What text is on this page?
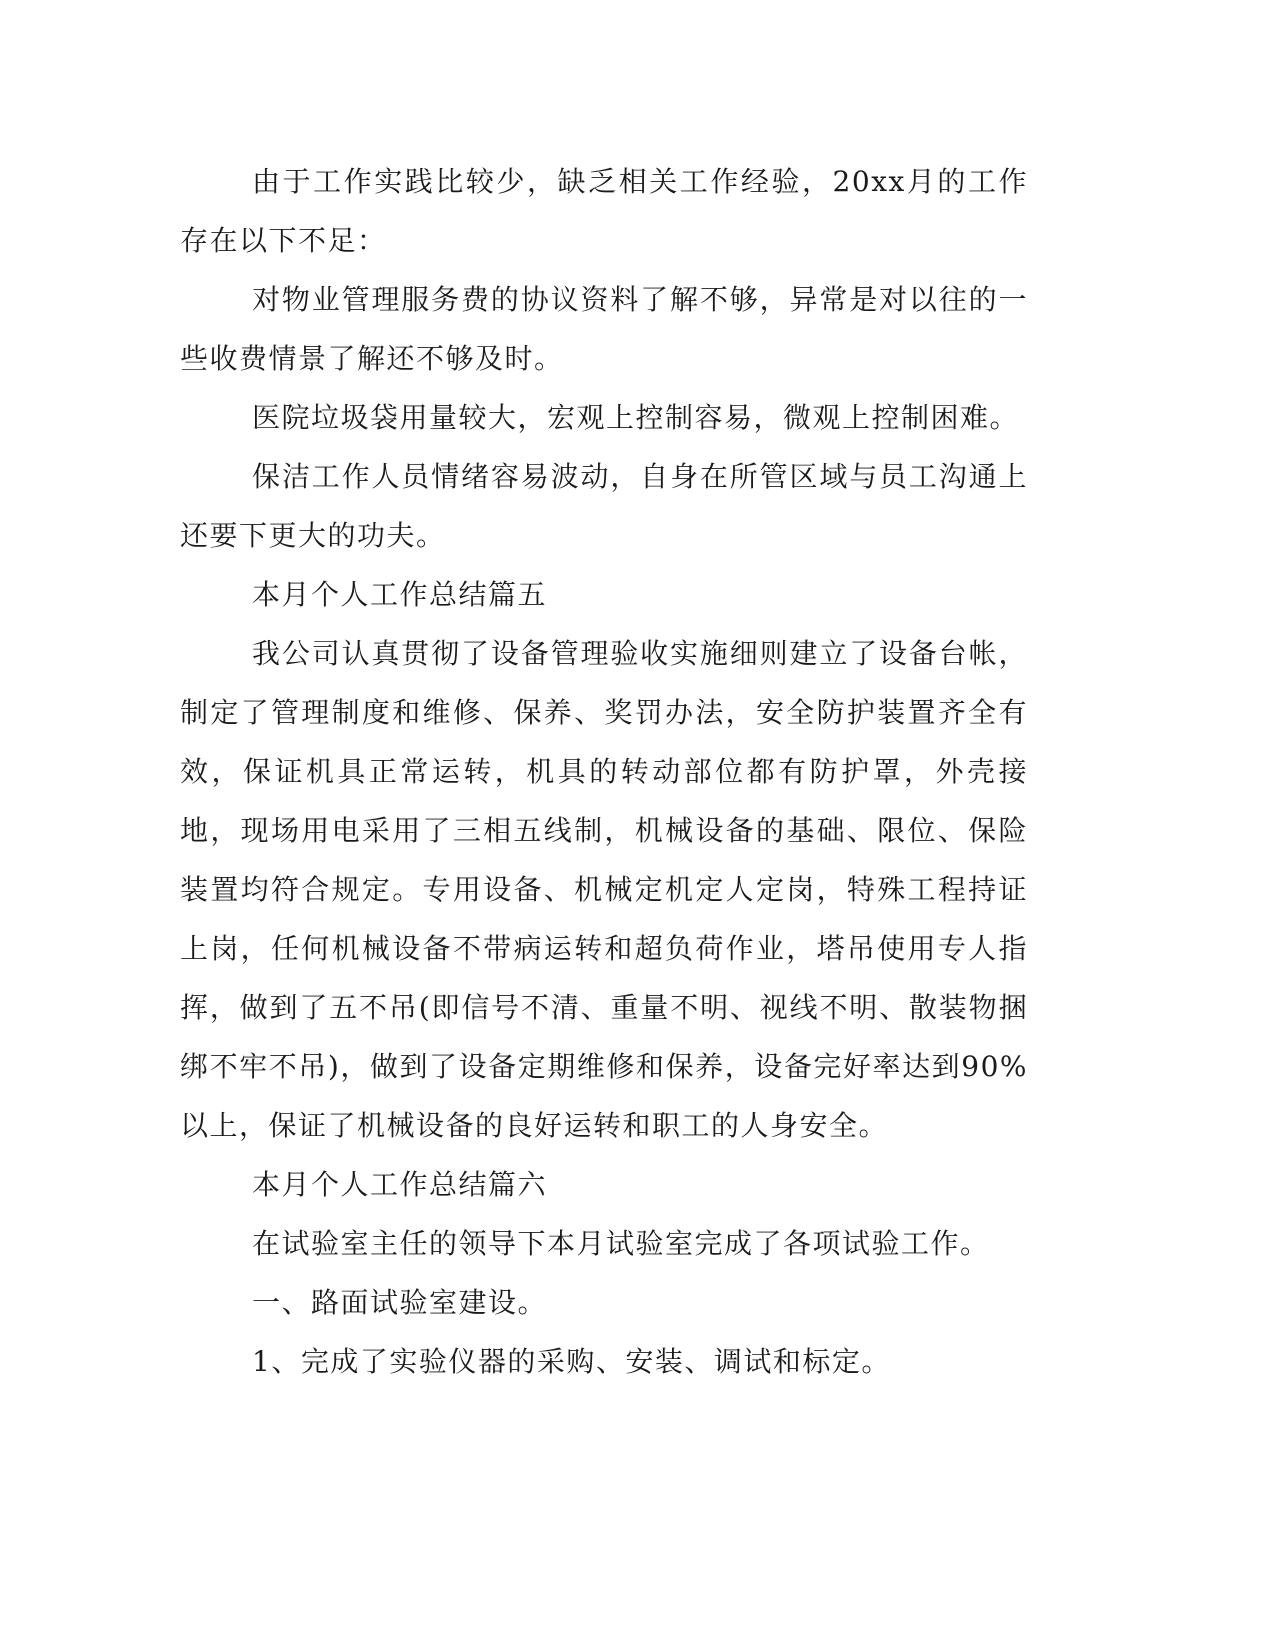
由于工作实践比较少，缺乏相关工作经验，20xx月的工作存在以下不足：

对物业管理服务费的协议资料了解不够，异常是对以往的一些收费情景了解还不够及时。

医院垃圾袋用量较大，宏观上控制容易，微观上控制困难。

保洁工作人员情绪容易波动，自身在所管区域与员工沟通上还要下更大的功夫。

本月个人工作总结篇五

我公司认真贯彻了设备管理验收实施细则建立了设备台帐，制定了管理制度和维修、保养、奖罚办法，安全防护装置齐全有效，保证机具正常运转，机具的转动部位都有防护罩，外壳接地，现场用电采用了三相五线制，机械设备的基础、限位、保险装置均符合规定。专用设备、机械定机定人定岗，特殊工程持证上岗，任何机械设备不带病运转和超负荷作业，塔吊使用专人指挥，做到了五不吊(即信号不清、重量不明、视线不明、散装物捆绑不牢不吊)，做到了设备定期维修和保养，设备完好率达到90%以上，保证了机械设备的良好运转和职工的人身安全。

本月个人工作总结篇六

在试验室主任的领导下本月试验室完成了各项试验工作。

一、路面试验室建设。

1、完成了实验仪器的采购、安装、调试和标定。
